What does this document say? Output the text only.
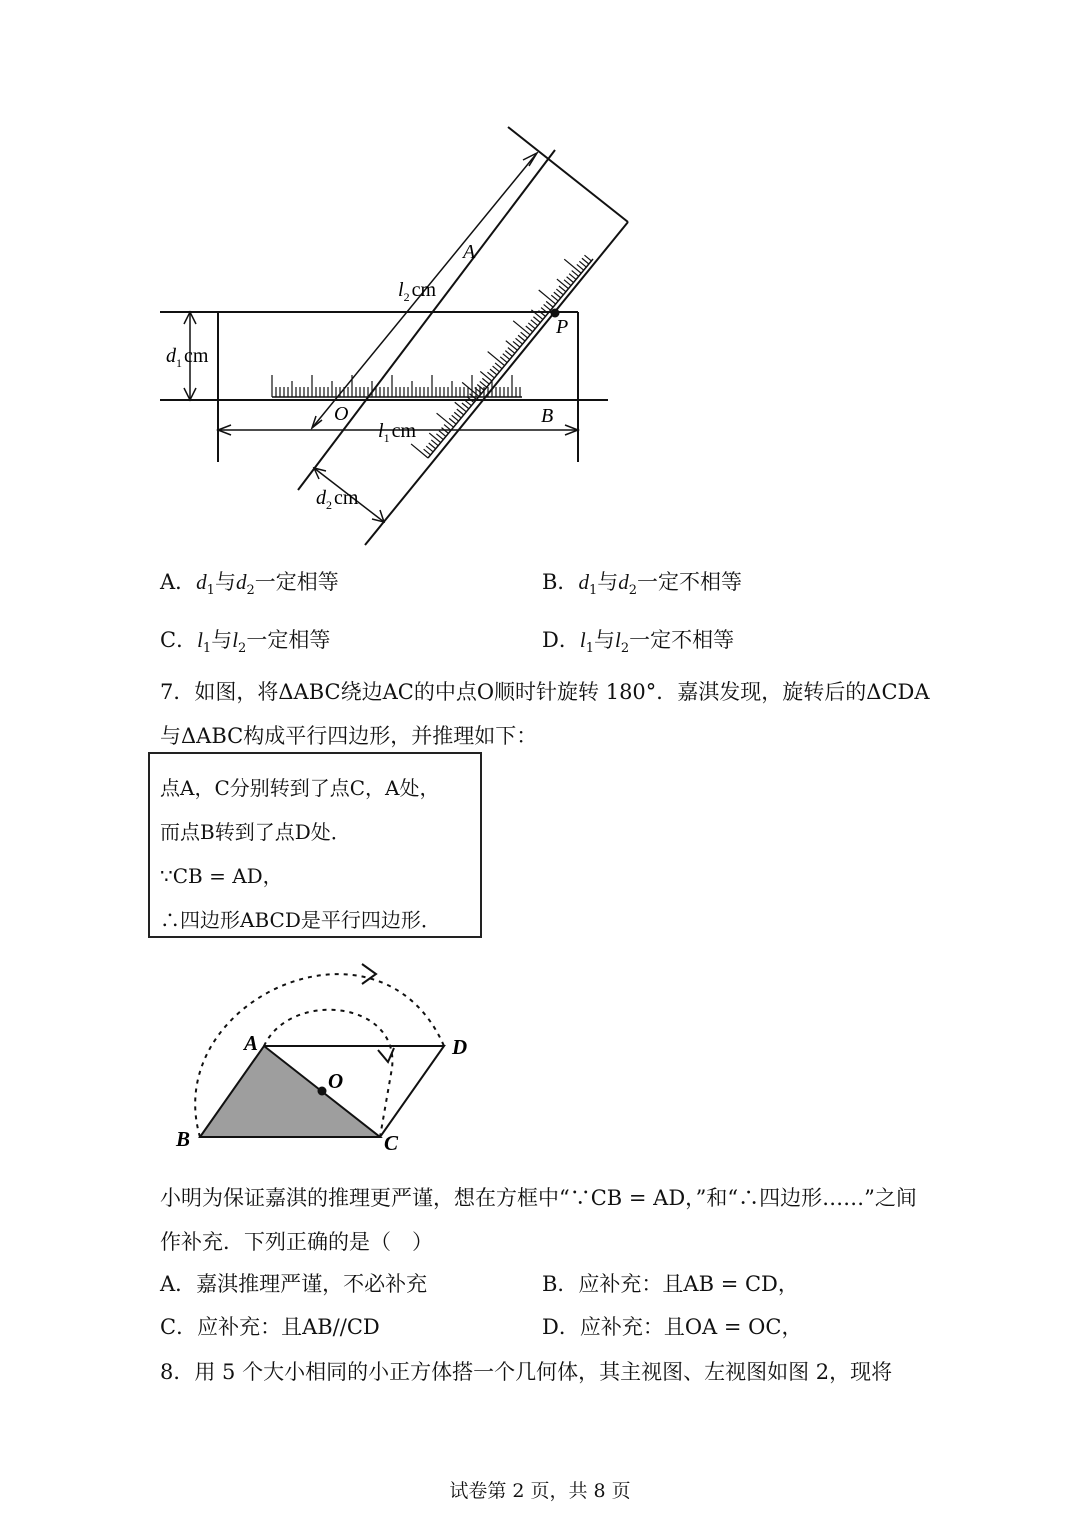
A
B
O
P
$l_2$ cm
$l_1$ cm
$d_1$ cm
$d_2$ cm
A．$d_1$与$d_2$一定相等	B．$d_1$与$d_2$一定不相等
C．$l_1$与$l_2$一定相等	D．$l_1$与$l_2$一定不相等
7．如图，将ΔABC绕边AC的中点O顺时针旋转 180°．嘉淇发现，旋转后的ΔCDA
与ΔABC构成平行四边形，并推理如下：
点A，C分别转到了点C，A处，
而点B转到了点D处．
∵CB = AD，
∴四边形ABCD是平行四边形．
A
B	C
D
O
小明为保证嘉淇的推理更严谨，想在方框中“∵CB = AD，”和“∴四边形……”之间
作补充．下列正确的是（　）
A．嘉淇推理严谨，不必补充	B．应补充：且AB = CD，
C．应补充：且AB//CD	D．应补充：且OA = OC，
8．用 5 个大小相同的小正方体搭一个几何体，其主视图、左视图如图 2，现将
试卷第 2 页，共 8 页
